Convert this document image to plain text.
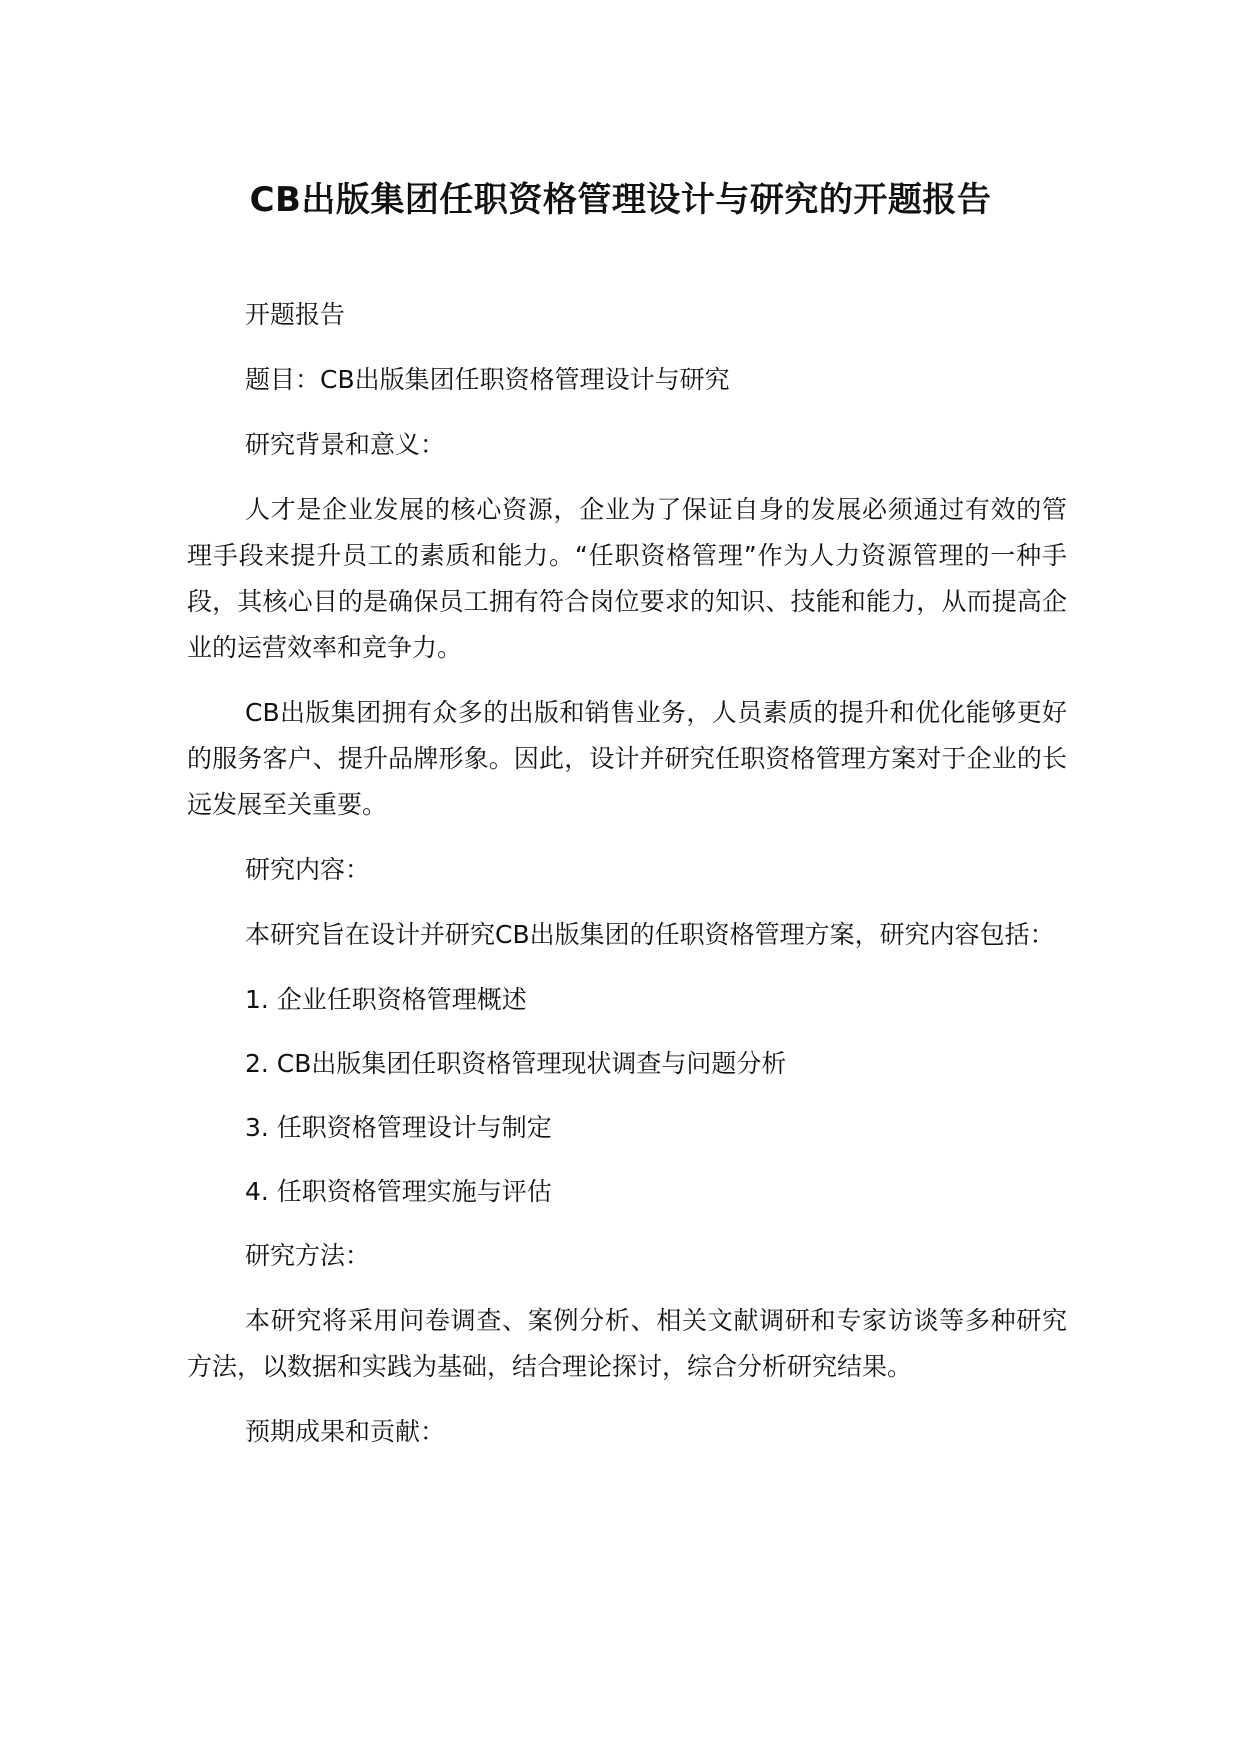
CB出版集团任职资格管理设计与研究的开题报告

开题报告

题目：CB出版集团任职资格管理设计与研究

研究背景和意义：

人才是企业发展的核心资源，企业为了保证自身的发展必须通过有效的管理手段来提升员工的素质和能力。“任职资格管理”作为人力资源管理的一种手段，其核心目的是确保员工拥有符合岗位要求的知识、技能和能力，从而提高企业的运营效率和竞争力。

CB出版集团拥有众多的出版和销售业务，人员素质的提升和优化能够更好的服务客户、提升品牌形象。因此，设计并研究任职资格管理方案对于企业的长远发展至关重要。

研究内容：

本研究旨在设计并研究CB出版集团的任职资格管理方案，研究内容包括：

1. 企业任职资格管理概述

2. CB出版集团任职资格管理现状调查与问题分析

3. 任职资格管理设计与制定

4. 任职资格管理实施与评估

研究方法：

本研究将采用问卷调查、案例分析、相关文献调研和专家访谈等多种研究方法，以数据和实践为基础，结合理论探讨，综合分析研究结果。

预期成果和贡献：
